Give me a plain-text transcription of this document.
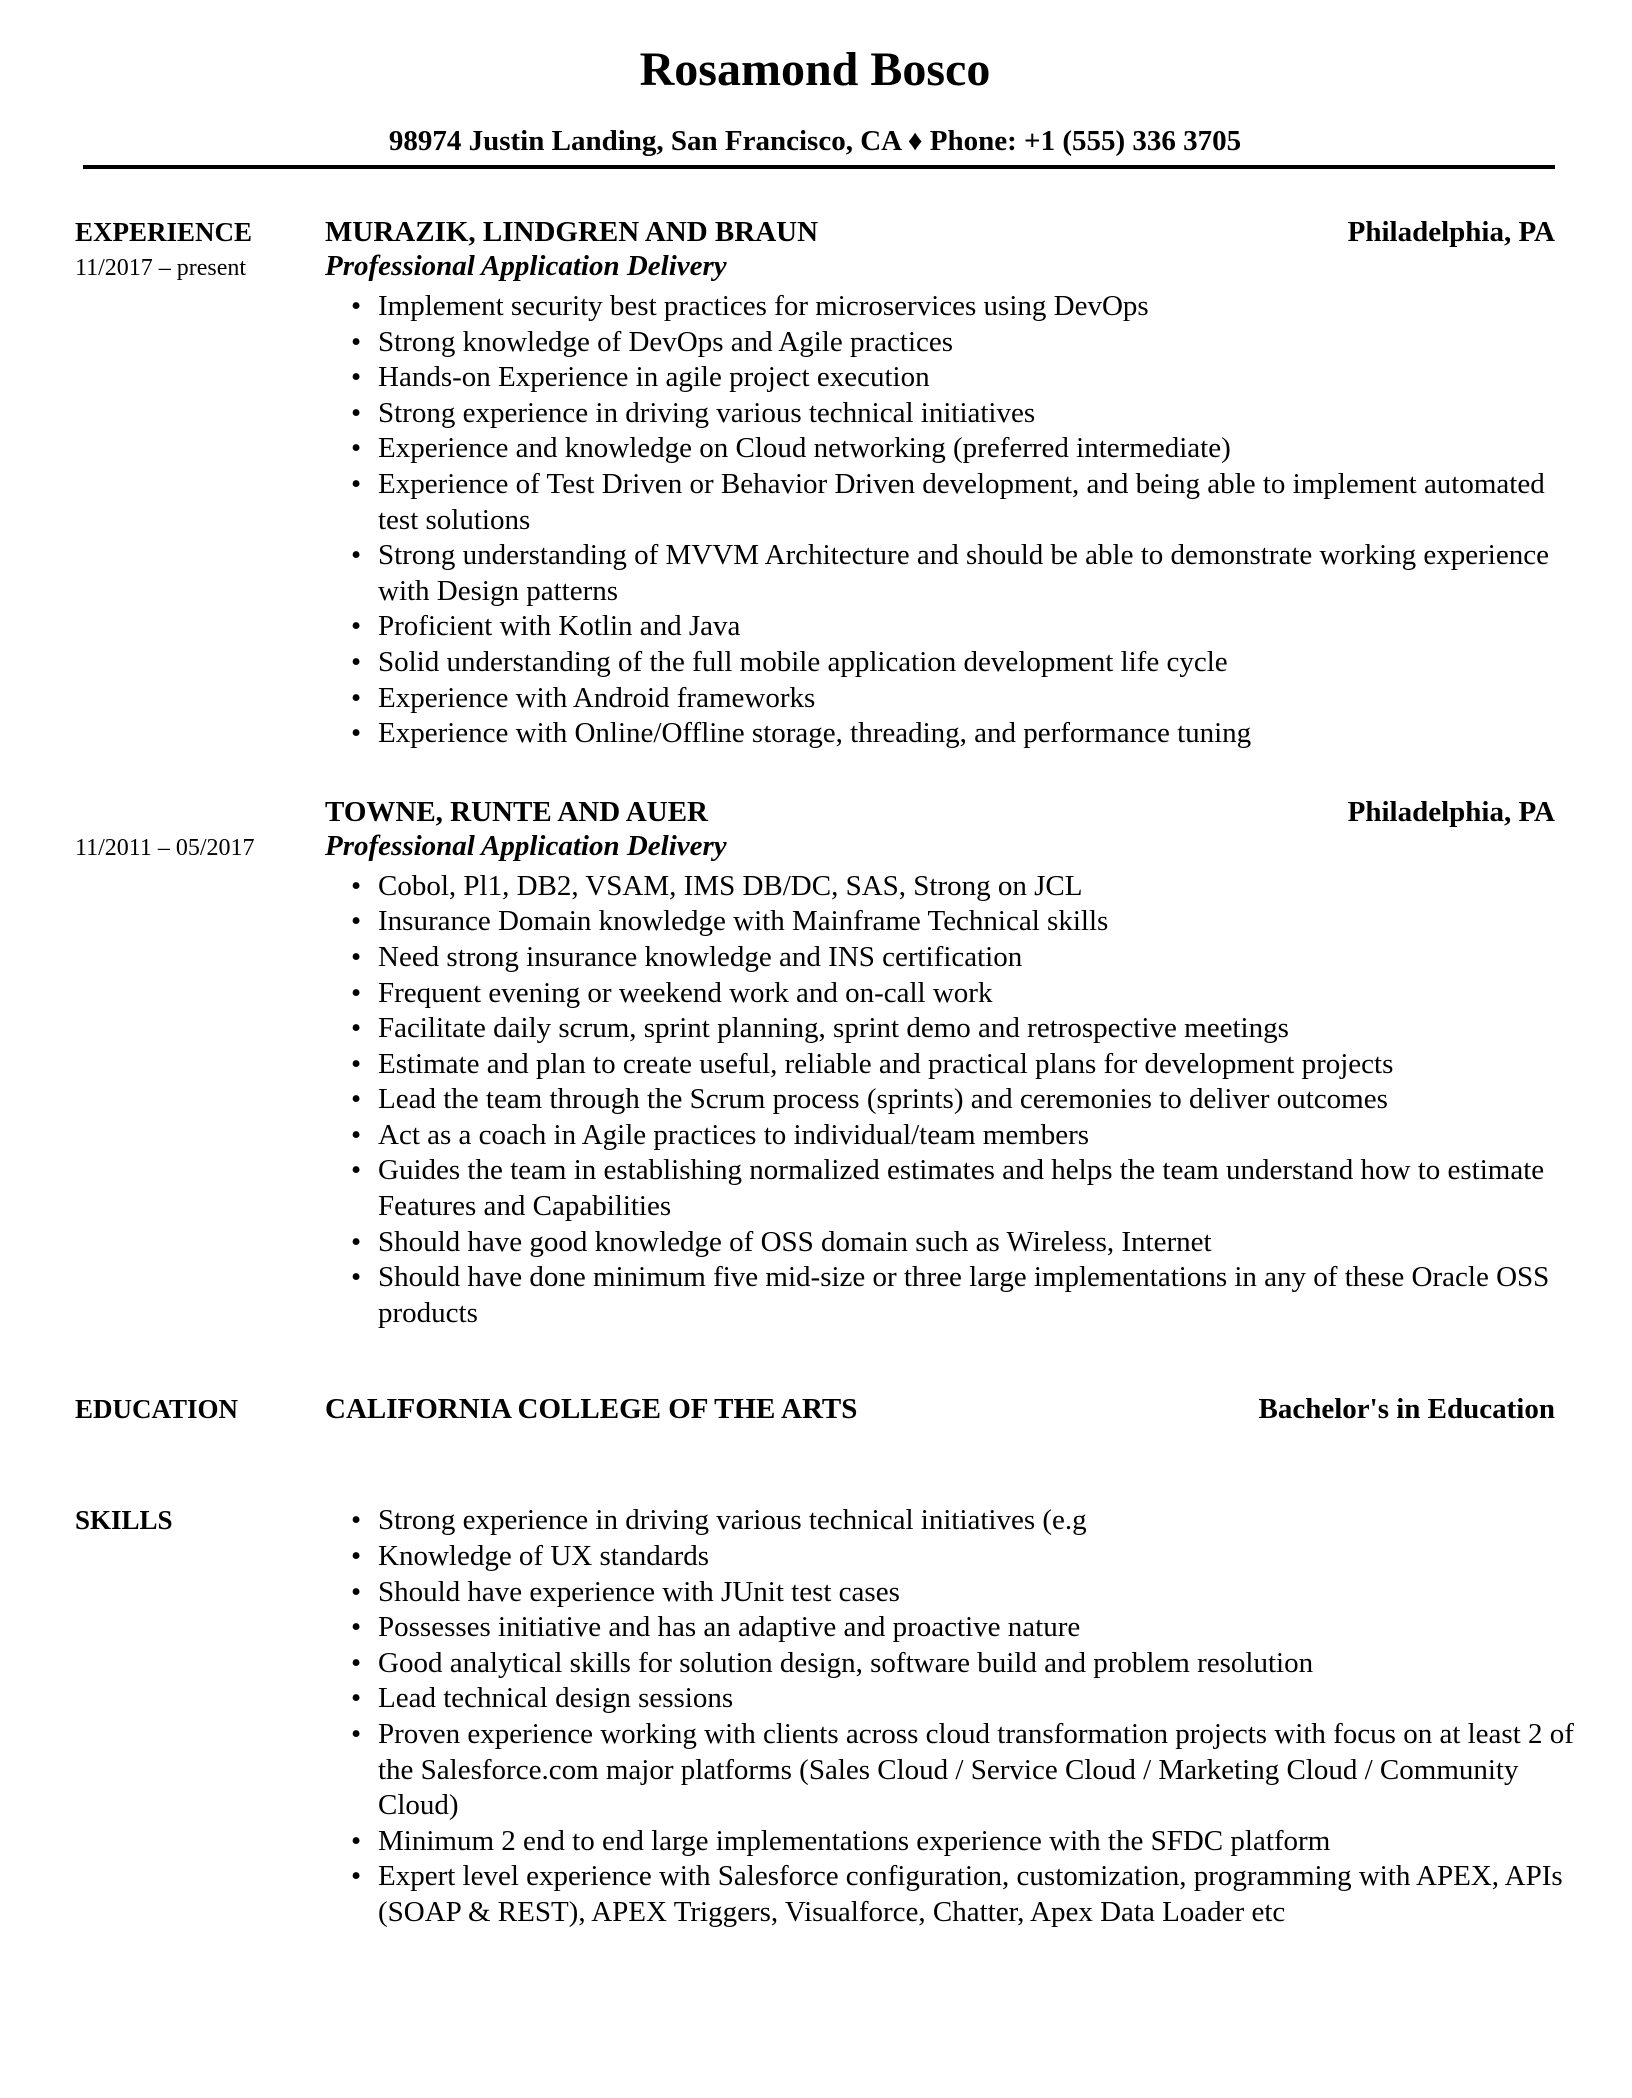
Rosamond Bosco
98974 Justin Landing, San Francisco, CA ♦ Phone: +1 (555) 336 3705
EXPERIENCE	MURAZIK, LINDGREN AND BRAUN	Philadelphia, PA
11/2017 – present	Professional Application Delivery
• Implement security best practices for microservices using DevOps
• Strong knowledge of DevOps and Agile practices
• Hands-on Experience in agile project execution
• Strong experience in driving various technical initiatives
• Experience and knowledge on Cloud networking (preferred intermediate)
• Experience of Test Driven or Behavior Driven development, and being able to implement automated test solutions
• Strong understanding of MVVM Architecture and should be able to demonstrate working experience with Design patterns
• Proficient with Kotlin and Java
• Solid understanding of the full mobile application development life cycle
• Experience with Android frameworks
• Experience with Online/Offline storage, threading, and performance tuning
TOWNE, RUNTE AND AUER	Philadelphia, PA
11/2011 – 05/2017	Professional Application Delivery
• Cobol, Pl1, DB2, VSAM, IMS DB/DC, SAS, Strong on JCL
• Insurance Domain knowledge with Mainframe Technical skills
• Need strong insurance knowledge and INS certification
• Frequent evening or weekend work and on-call work
• Facilitate daily scrum, sprint planning, sprint demo and retrospective meetings
• Estimate and plan to create useful, reliable and practical plans for development projects
• Lead the team through the Scrum process (sprints) and ceremonies to deliver outcomes
• Act as a coach in Agile practices to individual/team members
• Guides the team in establishing normalized estimates and helps the team understand how to estimate Features and Capabilities
• Should have good knowledge of OSS domain such as Wireless, Internet
• Should have done minimum five mid-size or three large implementations in any of these Oracle OSS products
EDUCATION	CALIFORNIA COLLEGE OF THE ARTS	Bachelor's in Education
SKILLS	• Strong experience in driving various technical initiatives (e.g
• Knowledge of UX standards
• Should have experience with JUnit test cases
• Possesses initiative and has an adaptive and proactive nature
• Good analytical skills for solution design, software build and problem resolution
• Lead technical design sessions
• Proven experience working with clients across cloud transformation projects with focus on at least 2 of the Salesforce.com major platforms (Sales Cloud / Service Cloud / Marketing Cloud / Community Cloud)
• Minimum 2 end to end large implementations experience with the SFDC platform
• Expert level experience with Salesforce configuration, customization, programming with APEX, APIs (SOAP & REST), APEX Triggers, Visualforce, Chatter, Apex Data Loader etc
